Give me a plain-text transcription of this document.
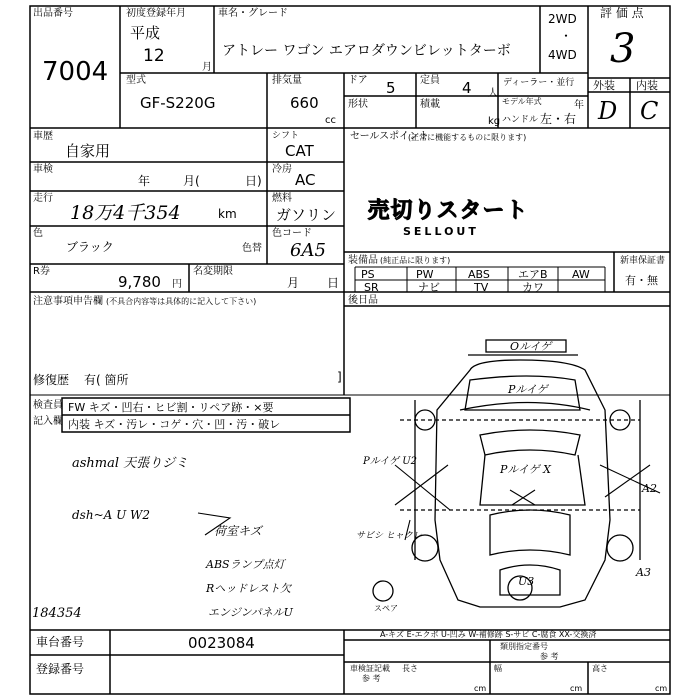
出品番号
7004
初度登録年月
平成
12
月
車名・グレード
アトレー ワゴン エアロダウンビレットターボ
2WD
・
4WD
評 価 点
3
外装 内装
D C
型式
GF-S220G
排気量
660
cc
ドア 5 定員 4 人
ディーラー・並行
形状	積載	モデル年式	年
kg ハンドル 左・右
車歴
自家用
シフト
CAT
車検
年	月(	日)
冷房
AC
走行
18万4千354	km
燃料
ガソリン
色
ブラック	色替
色コード
6A5
R券
9,780 円
名変期限
月 日
注意事項申告欄 (不具合内容等は具体的に記入して下さい)
修復歴 有( 箇所	]
セールスポイント
(正常に機能するものに限ります)
売切りスタート
SELLOUT
装備品 (純正品に限ります)
PS	PW	ABS	エアB AW
SR	ナビ	TV	カワ
新車保証書
有・無
後日品
検査員
記入欄
FW キズ・凹右・ヒビ割・リペア跡・×要
内装 キズ・汚レ・コゲ・穴・凹・汚・破レ
ashmal 天張りジミ
dsh~A U W2
荷室キズ
ABSランプ点灯
Rヘッドレスト欠
エンジンパネルU
184354
Oルイゲ
Pルイゲ
Pルイゲ U2
Pルイゲ X
A2
A3
U3
サビシ ヒャクレ
スペア
A-キズ E-エクボ U-凹み W-補修跡 S-サビ C-腐食 XX-交換済
車台番号	0023084
登録番号
類別指定番号
参 考
車検証記載
参 考
長さ
cm
幅
cm
高さ
cm
